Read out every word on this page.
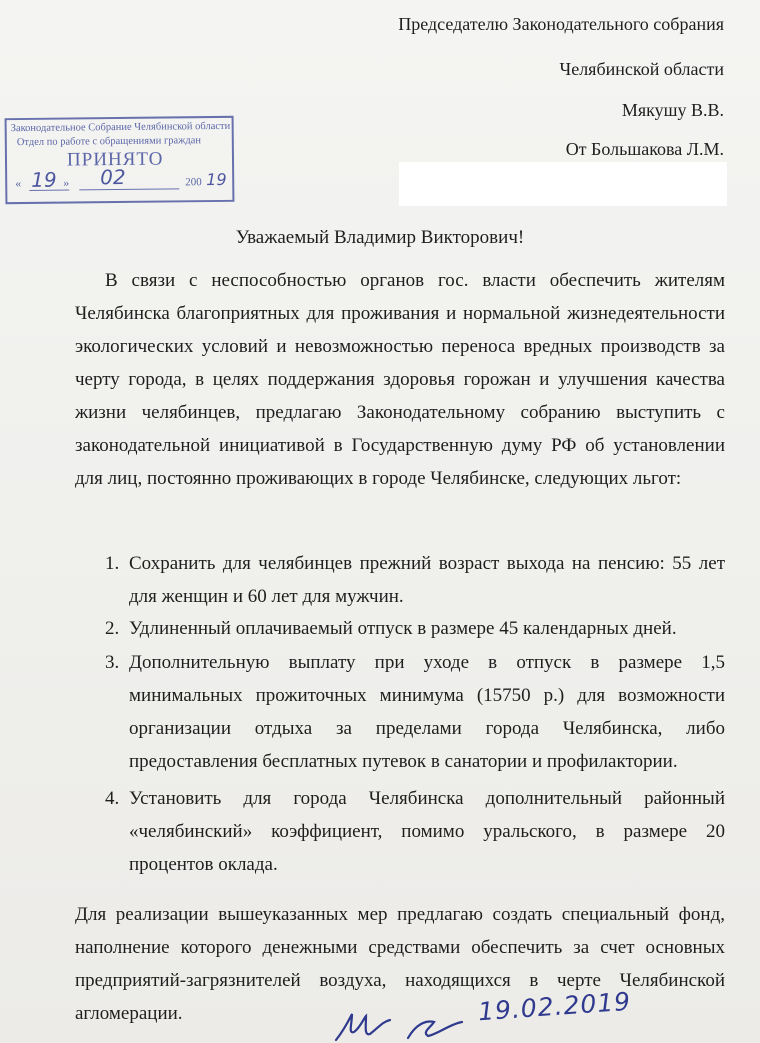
Председателю Законодательного собрания
Челябинской области
Мякушу В.В.
От Большакова Л.М.
Законодательное Собрание Челябинской области
Отдел по работе с обращениями граждан
ПРИНЯТО
« 19 » 02	200 19
Уважаемый Владимир Викторович!
В связи с неспособностью органов гос. власти обеспечить жителям Челябинска благоприятных для проживания и нормальной жизнедеятельности экологических условий и невозможностью переноса вредных производств за черту города, в целях поддержания здоровья горожан и улучшения качества жизни челябинцев, предлагаю Законодательному собранию выступить с законодательной инициативой в Государственную думу РФ об установлении для лиц, постоянно проживающих в городе Челябинске, следующих льгот:
1. Сохранить для челябинцев прежний возраст выхода на пенсию: 55 лет для женщин и 60 лет для мужчин.
2. Удлиненный оплачиваемый отпуск в размере 45 календарных дней.
3. Дополнительную выплату при уходе в отпуск в размере 1,5 минимальных прожиточных минимума (15750 р.) для возможности организации отдыха за пределами города Челябинска, либо предоставления бесплатных путевок в санатории и профилактории.
4. Установить для города Челябинска дополнительный районный «челябинский» коэффициент, помимо уральского, в размере 20 процентов оклада.
Для реализации вышеуказанных мер предлагаю создать специальный фонд, наполнение которого денежными средствами обеспечить за счет основных предприятий-загрязнителей воздуха, находящихся в черте Челябинской агломерации.	19.02.2019
